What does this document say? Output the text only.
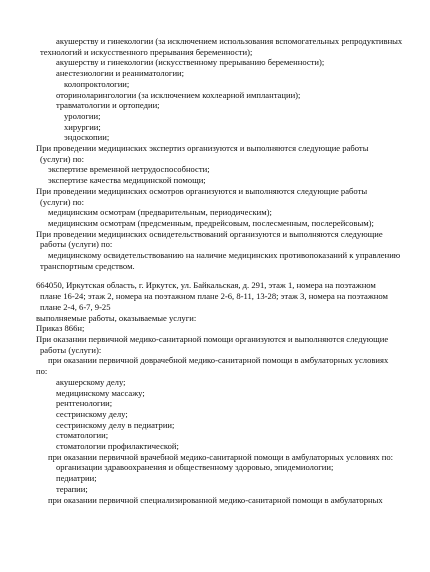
акушерству и гинекологии (за исключением использования вспомогательных репродуктивных
технологий и искусственного прерывания беременности);
акушерству и гинекологии (искусственному прерыванию беременности);
анестезиологии и реаниматологии;
колопроктологии;
оториноларингологии (за исключением кохлеарной имплантации);
травматологии и ортопедии;
урологии;
хирургии;
эндоскопии;
При проведении медицинских экспертиз организуются и выполняются следующие работы
(услуги) по:
экспертизе временной нетрудоспособности;
экспертизе качества медицинской помощи;
При проведении медицинских осмотров организуются и выполняются следующие работы
(услуги) по:
медицинским осмотрам (предварительным, периодическим);
медицинским осмотрам (предсменным, предрейсовым, послесменным, послерейсовым);
При проведении медицинских освидетельствований организуются и выполняются следующие
работы (услуги) по:
медицинскому освидетельствованию на наличие медицинских противопоказаний к управлению
транспортным средством.
664050, Иркутская область, г. Иркутск, ул. Байкальская, д. 291, этаж 1, номера на поэтажном
плане 16-24; этаж 2, номера на поэтажном плане 2-6, 8-11, 13-28; этаж 3, номера на поэтажном
плане 2-4, 6-7, 9-25
выполняемые работы, оказываемые услуги:
Приказ 866н;
При оказании первичной медико-санитарной помощи организуются и выполняются следующие
работы (услуги):
при оказании первичной доврачебной медико-санитарной помощи в амбулаторных условиях
по:
акушерскому делу;
медицинскому массажу;
рентгенологии;
сестринскому делу;
сестринскому делу в педиатрии;
стоматологии;
стоматологии профилактической;
при оказании первичной врачебной медико-санитарной помощи в амбулаторных условиях по:
организации здравоохранения и общественному здоровью, эпидемиологии;
педиатрии;
терапии;
при оказании первичной специализированной медико-санитарной помощи в амбулаторных
